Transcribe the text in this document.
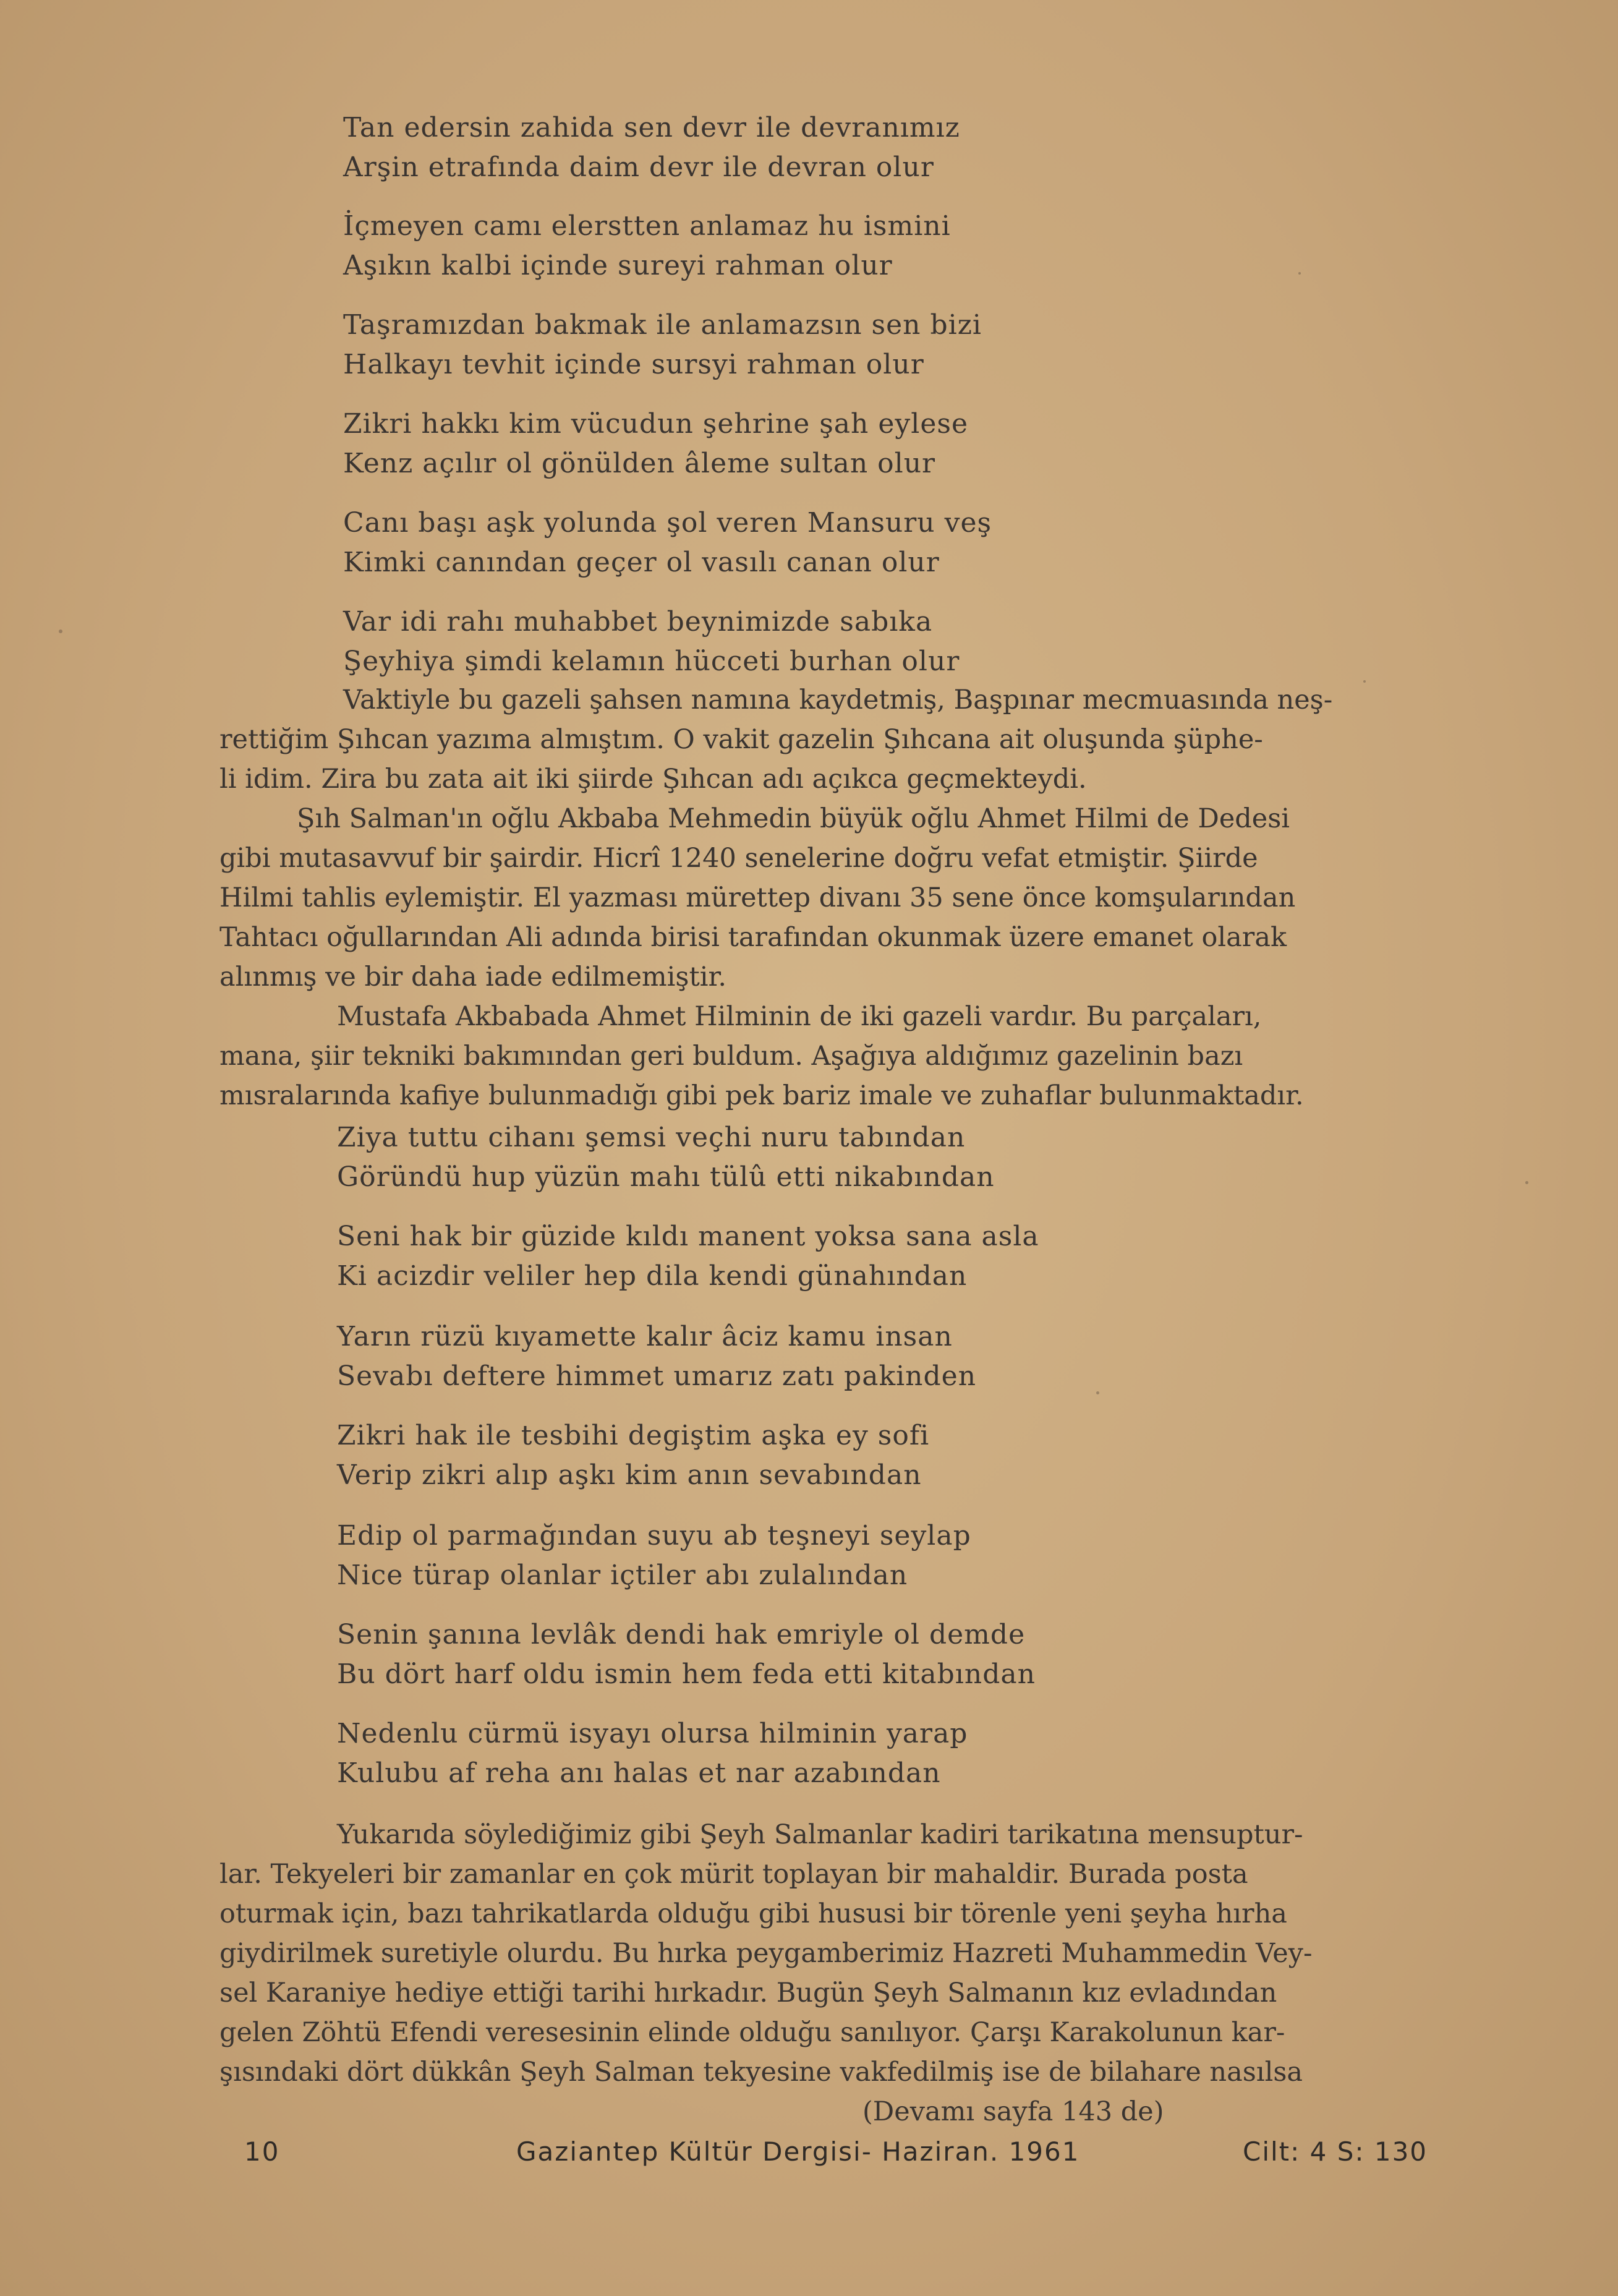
Tan edersin zahida sen devr ile devranımız
Arşin etrafında daim devr ile devran olur
İçmeyen camı elerstten anlamaz hu ismini
Aşıkın kalbi içinde sureyi rahman olur
Taşramızdan bakmak ile anlamazsın sen bizi
Halkayı tevhit içinde sursyi rahman olur
Zikri hakkı kim vücudun şehrine şah eylese
Kenz açılır ol gönülden âleme sultan olur
Canı başı aşk yolunda şol veren Mansuru veş
Kimki canından geçer ol vasılı canan olur
Var idi rahı muhabbet beynimizde sabıka
Şeyhiya şimdi kelamın hücceti burhan olur
Vaktiyle bu gazeli şahsen namına kaydetmiş, Başpınar mecmuasında neş-
rettiğim Şıhcan yazıma almıştım. O vakit gazelin Şıhcana ait oluşunda şüphe-
li idim. Zira bu zata ait iki şiirde Şıhcan adı açıkca geçmekteydi.
Şıh Salman'ın oğlu Akbaba Mehmedin büyük oğlu Ahmet Hilmi de Dedesi
gibi mutasavvuf bir şairdir. Hicrî 1240 senelerine doğru vefat etmiştir. Şiirde
Hilmi tahlis eylemiştir. El yazması mürettep divanı 35 sene önce komşularından
Tahtacı oğullarından Ali adında birisi tarafından okunmak üzere emanet olarak
alınmış ve bir daha iade edilmemiştir.
Mustafa Akbabada Ahmet Hilminin de iki gazeli vardır. Bu parçaları,
mana, şiir tekniki bakımından geri buldum. Aşağıya aldığımız gazelinin bazı
mısralarında kafiye bulunmadığı gibi pek bariz imale ve zuhaflar bulunmaktadır.
Ziya tuttu cihanı şemsi veçhi nuru tabından
Göründü hup yüzün mahı tülû etti nikabından
Seni hak bir güzide kıldı manent yoksa sana asla
Ki acizdir veliler hep dila kendi günahından
Yarın rüzü kıyamette kalır âciz kamu insan
Sevabı deftere himmet umarız zatı pakinden
Zikri hak ile tesbihi degiştim aşka ey sofi
Verip zikri alıp aşkı kim anın sevabından
Edip ol parmağından suyu ab teşneyi seylap
Nice türap olanlar içtiler abı zulalından
Senin şanına levlâk dendi hak emriyle ol demde
Bu dört harf oldu ismin hem feda etti kitabından
Nedenlu cürmü isyayı olursa hilminin yarap
Kulubu af reha anı halas et nar azabından
Yukarıda söylediğimiz gibi Şeyh Salmanlar kadiri tarikatına mensuptur-
lar. Tekyeleri bir zamanlar en çok mürit toplayan bir mahaldir. Burada posta
oturmak için, bazı tahrikatlarda olduğu gibi hususi bir törenle yeni şeyha hırha
giydirilmek suretiyle olurdu. Bu hırka peygamberimiz Hazreti Muhammedin Vey-
sel Karaniye hediye ettiği tarihi hırkadır. Bugün Şeyh Salmanın kız evladından
gelen Zöhtü Efendi veresesinin elinde olduğu sanılıyor. Çarşı Karakolunun kar-
şısındaki dört dükkân Şeyh Salman tekyesine vakfedilmiş ise de bilahare nasılsa
(Devamı sayfa 143 de)
10	Gaziantep Kültür Dergisi- Haziran. 1961	Cilt: 4 S: 130
